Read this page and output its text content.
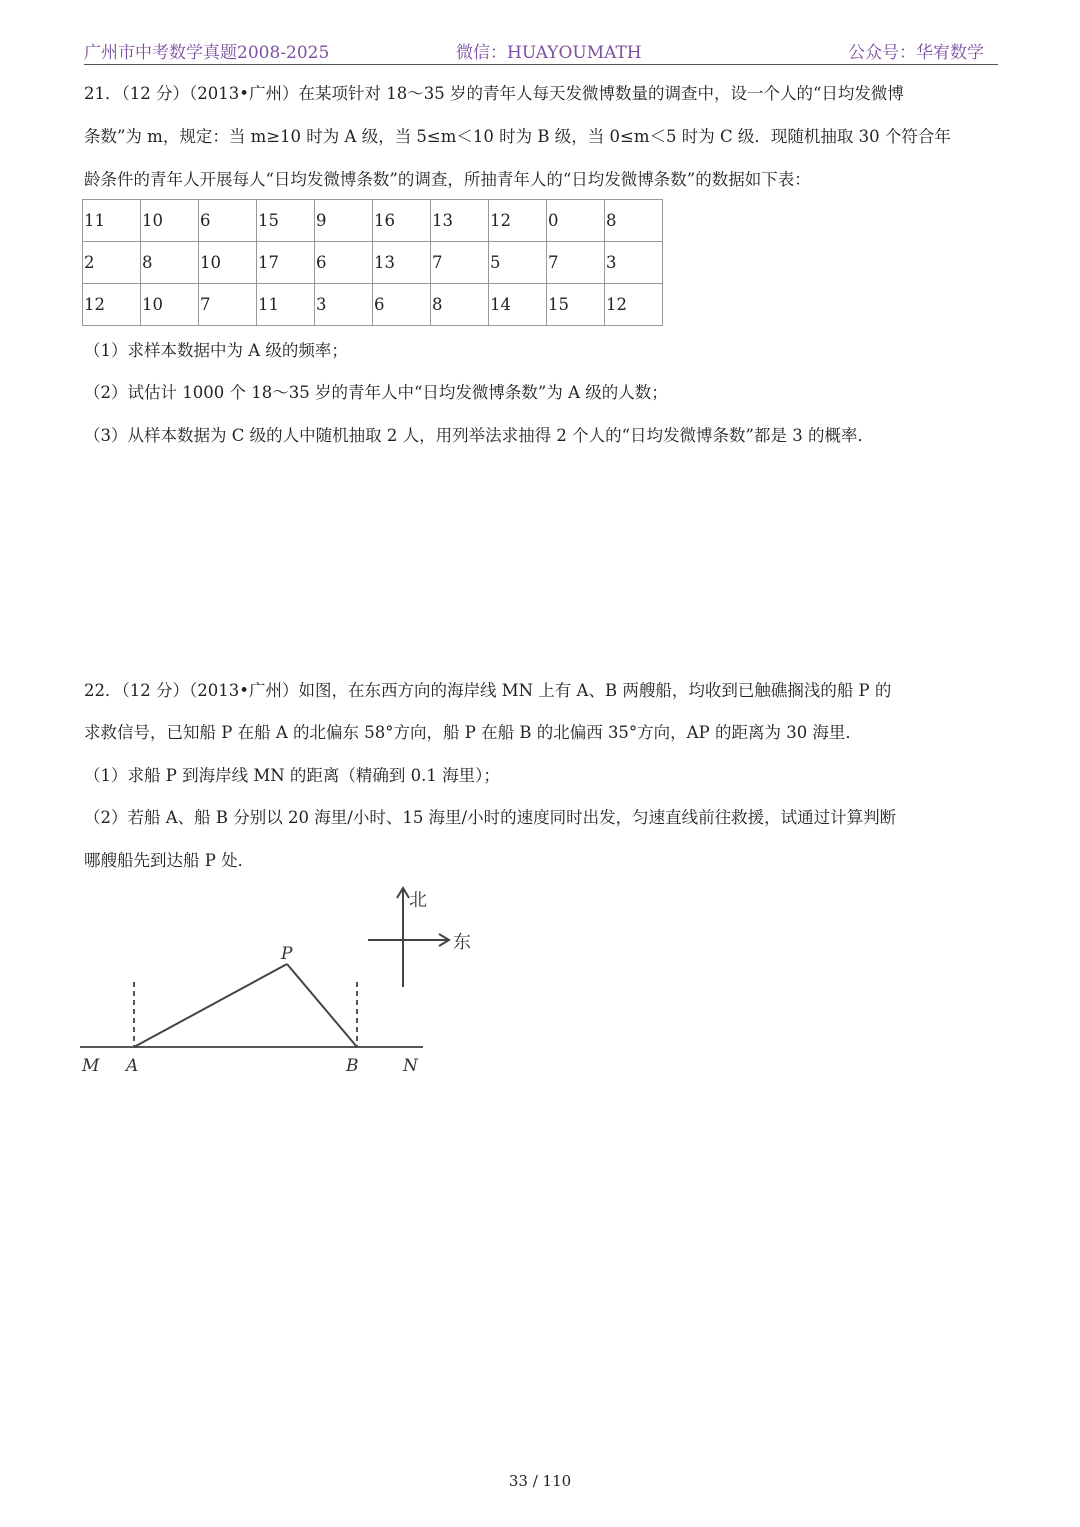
广州市中考数学真题2008-2025	微信：HUAYOUMATH	公众号：华宥数学
21．（12 分）（2013•广州）在某项针对 18～35 岁的青年人每天发微博数量的调查中，设一个人的“日均发微博
条数”为 m，规定：当 m≥10 时为 A 级，当 5≤m＜10 时为 B 级，当 0≤m＜5 时为 C 级．现随机抽取 30 个符合年
龄条件的青年人开展每人“日均发微博条数”的调查，所抽青年人的“日均发微博条数”的数据如下表：
11	10	6	15	9	16	13	12	0	8
2	8	10	17	6	13	7	5	7	3
12	10	7	11	3	6	8	14	15	12
（1）求样本数据中为 A 级的频率；
（2）试估计 1000 个 18～35 岁的青年人中“日均发微博条数”为 A 级的人数；
（3）从样本数据为 C 级的人中随机抽取 2 人，用列举法求抽得 2 个人的“日均发微博条数”都是 3 的概率．
22．（12 分）（2013•广州）如图，在东西方向的海岸线 MN 上有 A、B 两艘船，均收到已触礁搁浅的船 P 的
求救信号，已知船 P 在船 A 的北偏东 58°方向，船 P 在船 B 的北偏西 35°方向，AP 的距离为 30 海里．
（1）求船 P 到海岸线 MN 的距离（精确到 0.1 海里）；
（2）若船 A、船 B 分别以 20 海里/小时、15 海里/小时的速度同时出发，匀速直线前往救援，试通过计算判断
哪艘船先到达船 P 处．
P
M A	B	N
北
东
33 / 110
